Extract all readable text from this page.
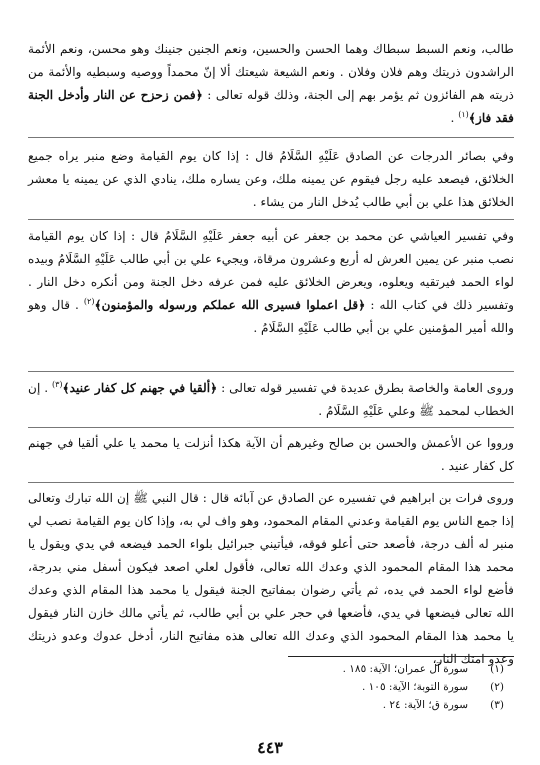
طالب، ونعم السبط سبطاك وهما الحسن والحسين، ونعم الجنين جنينك وهو محسن، ونعم الأئمة الراشدون ذريتك وهم فلان وفلان . ونعم الشيعة شيعتك ألا إنّ محمداً ووصيه وسبطيه والأئمة من ذريته هم الفائزون ثم يؤمر بهم إلى الجنة، وذلك قوله تعالى : ﴿فمن زحزح عن النار وأدخل الجنة فقد فاز﴾$^{(١)}$ .

وفي بصائر الدرجات عن الصادق عَلَيْهِ السَّلَامُ قال : إذا كان يوم القيامة وضع منبر يراه جميع الخلائق، فيصعد عليه رجل فيقوم عن يمينه ملك، وعن يساره ملك، ينادي الذي عن يمينه يا معشر الخلائق هذا علي بن أبي طالب يُدخل النار من يشاء .

وفي تفسير العياشي عن محمد بن جعفر عن أبيه جعفر عَلَيْهِ السَّلَامُ قال : إذا كان يوم القيامة نصب منبر عن يمين العرش له أربع وعشرون مرقاة، ويجيء علي بن أبي طالب عَلَيْهِ السَّلَامُ وبيده لواء الحمد فيرتقيه ويعلوه، ويعرض الخلائق عليه فمن عرفه دخل الجنة ومن أنكره دخل النار . وتفسير ذلك في كتاب الله : ﴿قل اعملوا فسيرى الله عملكم ورسوله والمؤمنون﴾$^{(٢)}$ . قال وهو والله أمير المؤمنين علي بن أبي طالب عَلَيْهِ السَّلَامُ .

وروى العامة والخاصة بطرق عديدة في تفسير قوله تعالى : ﴿ألقيا في جهنم كل كفار عنيد﴾$^{(٣)}$ . إن الخطاب لمحمد ﷺ وعلي عَلَيْهِ السَّلَامُ .

ورووا عن الأعمش والحسن بن صالح وغيرهم أن الآية هكذا أنزلت يا محمد يا علي ألقيا في جهنم كل كفار عنيد .

وروى فرات بن ابراهيم في تفسيره عن الصادق عن آبائه قال : قال النبي ﷺ إن الله تبارك وتعالى إذا جمع الناس يوم القيامة وعدني المقام المحمود، وهو واف لي به، وإذا كان يوم القيامة نصب لي منبر له ألف درجة، فأصعد حتى أعلو فوقه، فيأتيني جبرائيل بلواء الحمد فيضعه في يدي ويقول يا محمد هذا المقام المحمود الذي وعدك الله تعالى، فأقول لعلي اصعد فيكون أسفل مني بدرجة، فأضع لواء الحمد في يده، ثم يأتي رضوان بمفاتيح الجنة فيقول يا محمد هذا المقام الذي وعدك الله تعالى فيضعها في يدي، فأضعها في حجر علي بن أبي طالب، ثم يأتي مالك خازن النار فيقول يا محمد هذا المقام المحمود الذي وعدك الله تعالى هذه مفاتيح النار، أدخل عدوك وعدو ذريتك وعدو امتك النار،

(١)سورة آل عمران؛ الآية: ١٨٥ .
(٢)سورة التوبة؛ الآية: ١٠٥ .
(٣)سورة ق؛ الآية: ٢٤ .
٤٤٣
